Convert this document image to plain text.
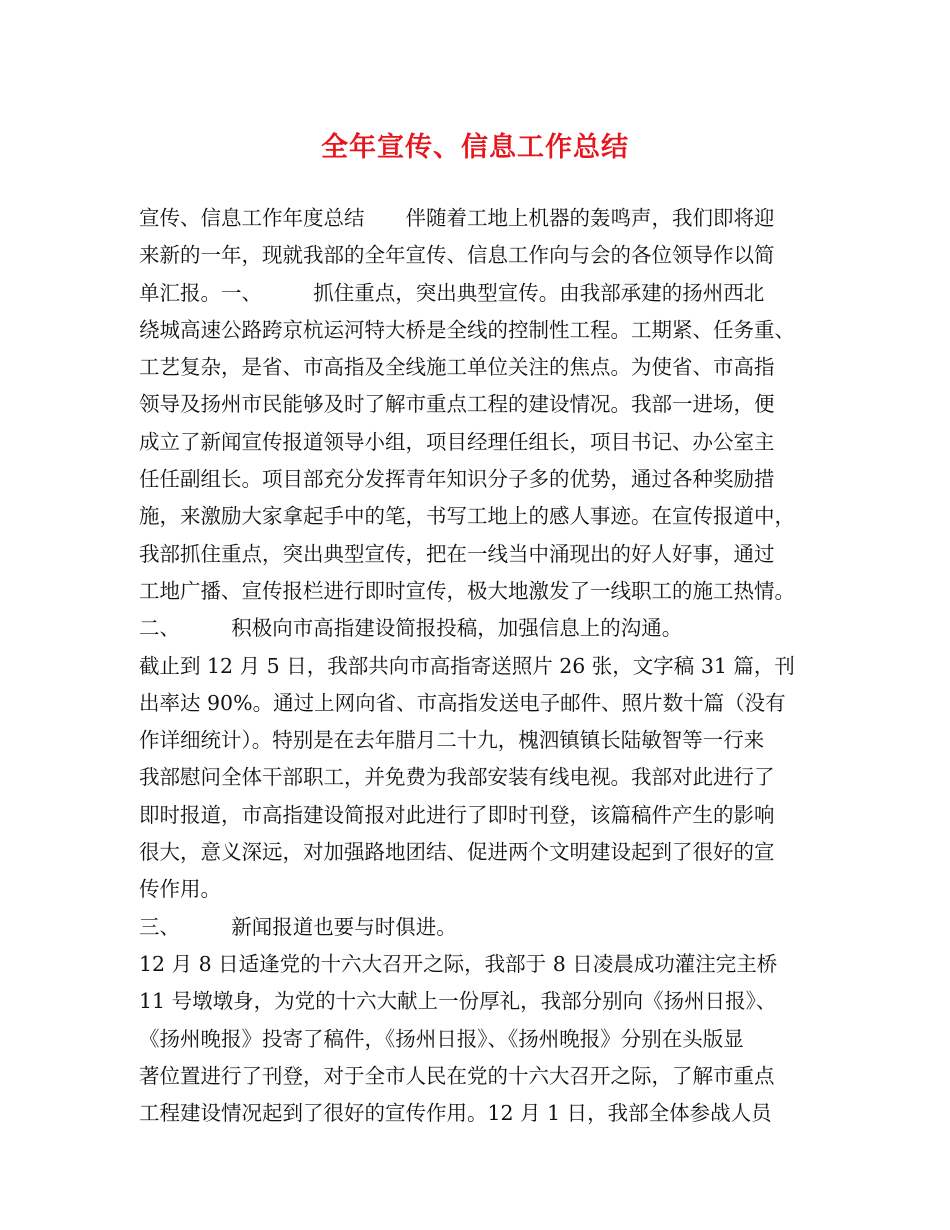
全年宣传、信息工作总结
宣传、信息工作年度总结　　伴随着工地上机器的轰鸣声，我们即将迎
来新的一年，现就我部的全年宣传、信息工作向与会的各位领导作以简
单汇报。一、　　　抓住重点，突出典型宣传。由我部承建的扬州西北
绕城高速公路跨京杭运河特大桥是全线的控制性工程。工期紧、任务重、
工艺复杂，是省、市高指及全线施工单位关注的焦点。为使省、市高指
领导及扬州市民能够及时了解市重点工程的建设情况。我部一进场，便
成立了新闻宣传报道领导小组，项目经理任组长，项目书记、办公室主
任任副组长。项目部充分发挥青年知识分子多的优势，通过各种奖励措
施，来激励大家拿起手中的笔，书写工地上的感人事迹。在宣传报道中，
我部抓住重点，突出典型宣传，把在一线当中涌现出的好人好事，通过
工地广播、宣传报栏进行即时宣传，极大地激发了一线职工的施工热情。
二、　　　积极向市高指建设简报投稿，加强信息上的沟通。
截止到 12 月 5 日，我部共向市高指寄送照片 26 张，文字稿 31 篇，刊
出率达 90%。通过上网向省、市高指发送电子邮件、照片数十篇（没有
作详细统计）。特别是在去年腊月二十九，槐泗镇镇长陆敏智等一行来
我部慰问全体干部职工，并免费为我部安装有线电视。我部对此进行了
即时报道，市高指建设简报对此进行了即时刊登，该篇稿件产生的影响
很大，意义深远，对加强路地团结、促进两个文明建设起到了很好的宣
传作用。
三、　　　新闻报道也要与时俱进。
12 月 8 日适逢党的十六大召开之际，我部于 8 日凌晨成功灌注完主桥
11 号墩墩身，为党的十六大献上一份厚礼，我部分别向《扬州日报》、
《扬州晚报》投寄了稿件，《扬州日报》、《扬州晚报》分别在头版显
著位置进行了刊登，对于全市人民在党的十六大召开之际，了解市重点
工程建设情况起到了很好的宣传作用。12 月 1 日，我部全体参战人员
